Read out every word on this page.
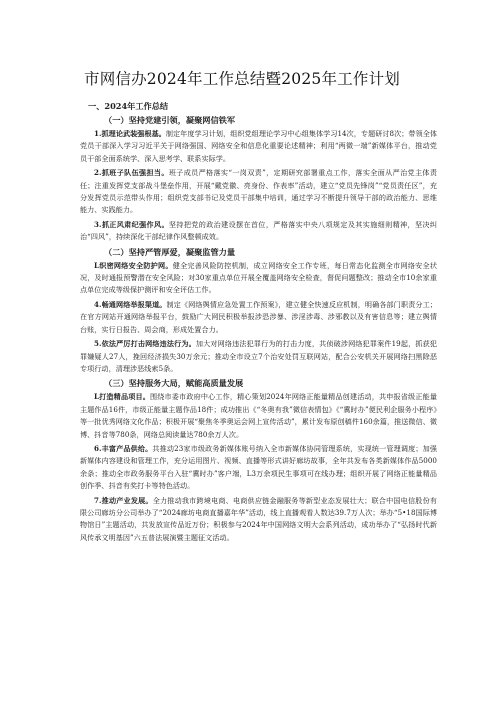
市网信办2024年工作总结暨2025年工作计划
一、2024年工作总结
（一）坚持党建引领，凝聚网信铁军

1.抓理论武装强根基。制定年度学习计划，组织党组理论学习中心组集体学习14次，专题研讨8次；带领全体党员干部深入学习习近平关于网络强国、网络安全和信息化重要论述精神；利用“两微一端”新媒体平台，推动党员干部全面系统学、深入思考学、联系实际学。

2.抓班子队伍强担当。班子成员严格落实“一岗双责”，定期研究部署重点工作，落实全面从严治党主体责任；注重发挥党支部战斗堡垒作用，开展“戴党徽、亮身份、作表率”活动，建立“党员先锋岗”“党员责任区”，充分发挥党员示范带头作用；组织党支部书记及党员干部集中培训，通过学习不断提升领导干部的政治能力、思维能力、实践能力。

3.抓正风肃纪强作风。坚持把党的政治建设摆在首位，严格落实中央八项规定及其实施细则精神，坚决纠治“四风”，持续深化干部纪律作风整顿成效。

（二）坚持严管厚爱，凝聚监管力量

L织密网络安全防护网。健全完善风险防控机制，成立网络安全工作专班，每日常态化监测全市网络安全状况，及时通报预警潜在安全风险；对30家重点单位开展全覆盖网络安全检查，督促问题整改；推动全市10余家重点单位完成等级保护测评和安全评估工作。

4.畅通网络举报渠道。制定《网络舆情应急处置工作预案》，建立健全快速反应机制，明确各部门职责分工；在官方网站开通网络举报平台，鼓励广大网民积极举报涉恐涉暴、涉淫涉毒、涉邪教以及有害信息等；建立舆情台账，实行日报告、周会商，形成处置合力。

5.依法严厉打击网络违法行为。加大对网络违法犯罪行为的打击力度，共侦破涉网络犯罪案件19起，抓获犯罪嫌疑人27人，挽回经济损失30万余元；推动全市设立7个治安处罚互联网站，配合公安机关开展网络扫黑除恶专项行动，清理涉恶线索5条。

（三）坚持服务大局，赋能高质量发展

L打造精品项目。围绕市委市政府中心工作，精心策划2024年网络正能量精品创建活动，共申报省级正能量主题作品16件，市级正能量主题作品18件；成功推出《“冬奥有我”微信表情包》《“冀时办”便民利企服务小程序》等一批优秀网络文化作品；积极开展“聚焦冬季奥运会网上宣传活动”，累计发布原创稿件160余篇，推送微信、微博、抖音等780条，网络总阅读量达780余万人次。

6.丰富产品供给。共推动23家市级政务新媒体账号纳入全市新媒体协同管理系统，实现统一管理调度；加强新媒体内容建设和管理工作，充分运用图片、视频、直播等形式讲好廊坊故事，全年共发布各类新媒体作品5000余条；推动全市政务服务平台入驻“冀时办”客户端，L3万余项民生事项可在线办理；组织开展了网络正能量精品创作季、抖音有奖打卡等特色活动。

7.推动产业发展。全力推动我市跨境电商、电商供应链金融服务等新型业态发展壮大；联合中国电信股份有限公司廊坊分公司举办了“2024廊坊电商直播嘉年华”活动，线上直播观看人数达39.7万人次；举办“5•18国际博物馆日”主题活动，共发放宣传品近万份；积极参与2024年中国网络文明大会系列活动，成功举办了“弘扬时代新风传承文明基因”六五普法展演暨主题征文活动。
